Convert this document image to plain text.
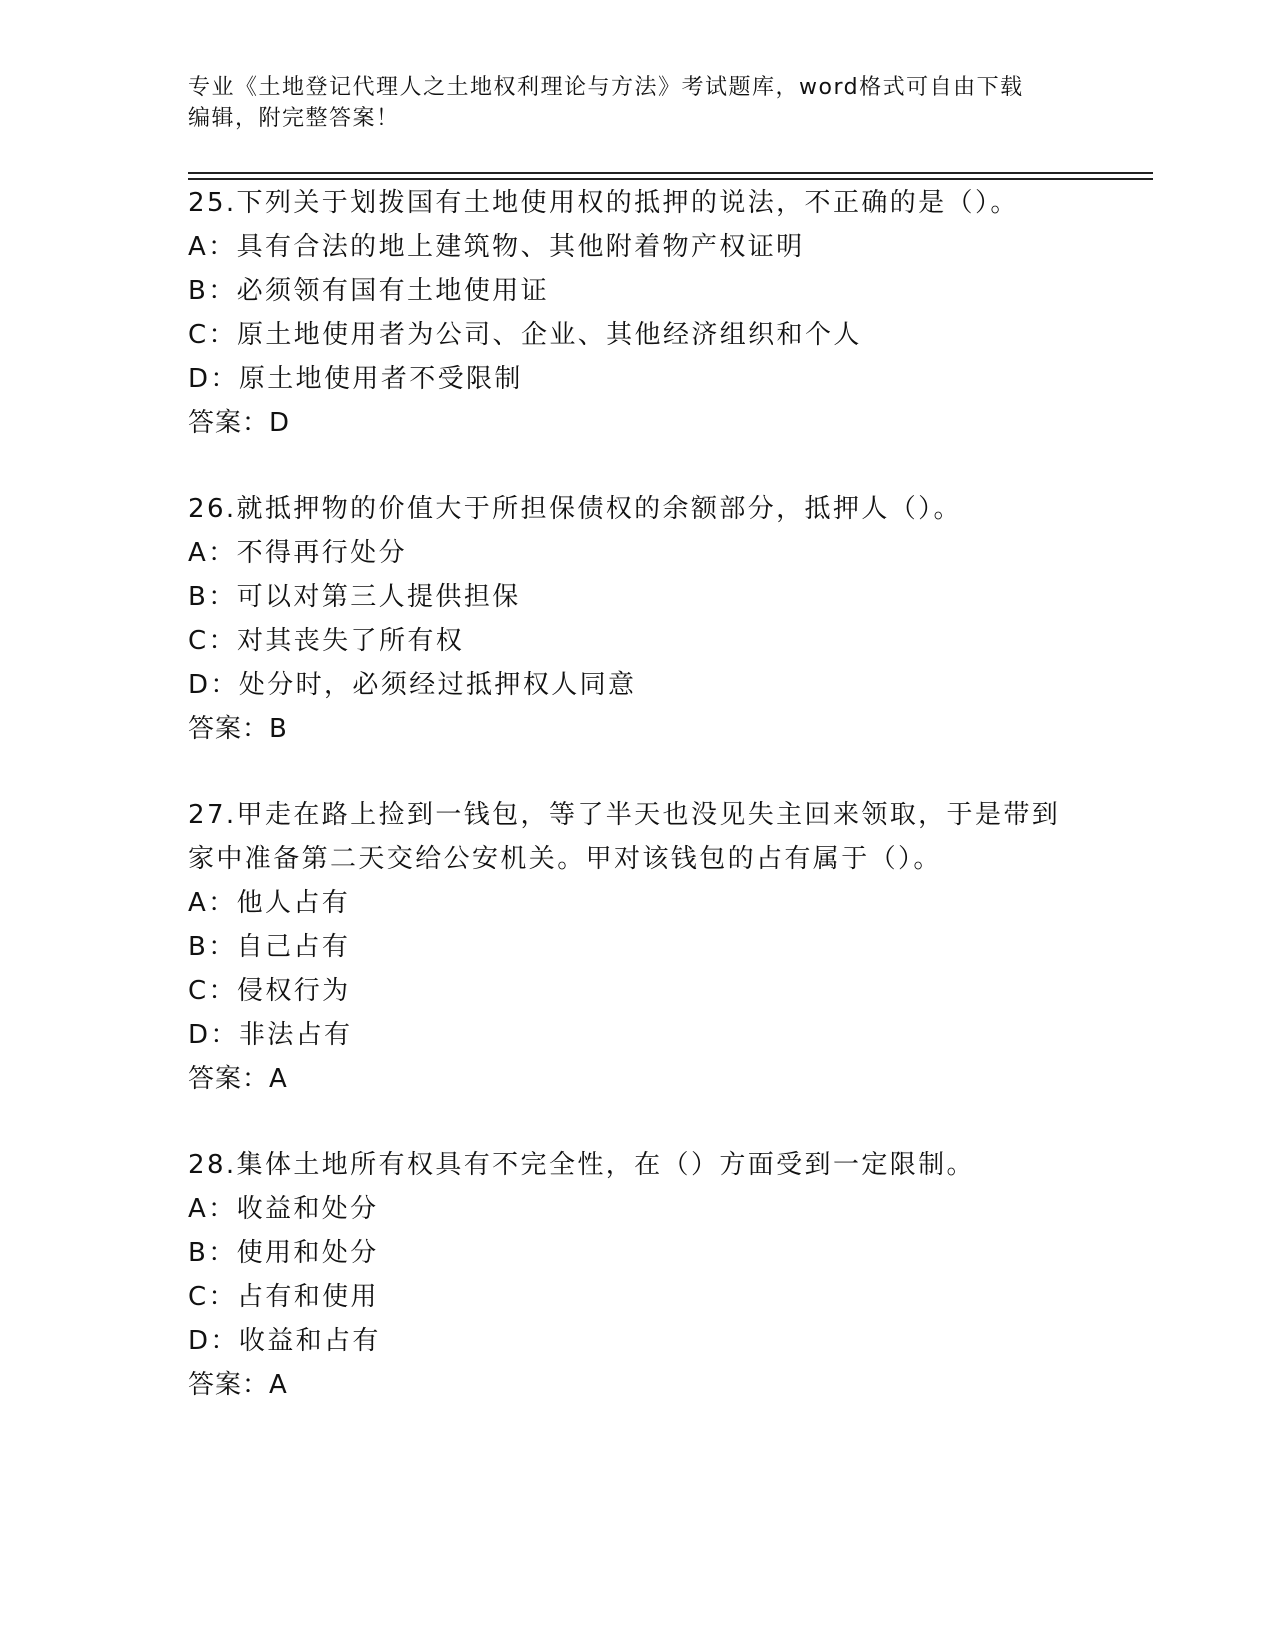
专业《土地登记代理人之土地权利理论与方法》考试题库，word格式可自由下载
编辑，附完整答案！
25.下列关于划拨国有土地使用权的抵押的说法，不正确的是（）。
A：具有合法的地上建筑物、其他附着物产权证明
B：必须领有国有土地使用证
C：原土地使用者为公司、企业、其他经济组织和个人
D：原土地使用者不受限制
答案：D
26.就抵押物的价值大于所担保债权的余额部分，抵押人（）。
A：不得再行处分
B：可以对第三人提供担保
C：对其丧失了所有权
D：处分时，必须经过抵押权人同意
答案：B
27.甲走在路上捡到一钱包，等了半天也没见失主回来领取，于是带到
家中准备第二天交给公安机关。甲对该钱包的占有属于（）。
A：他人占有
B：自己占有
C：侵权行为
D：非法占有
答案：A
28.集体土地所有权具有不完全性，在（）方面受到一定限制。
A：收益和处分
B：使用和处分
C：占有和使用
D：收益和占有
答案：A
